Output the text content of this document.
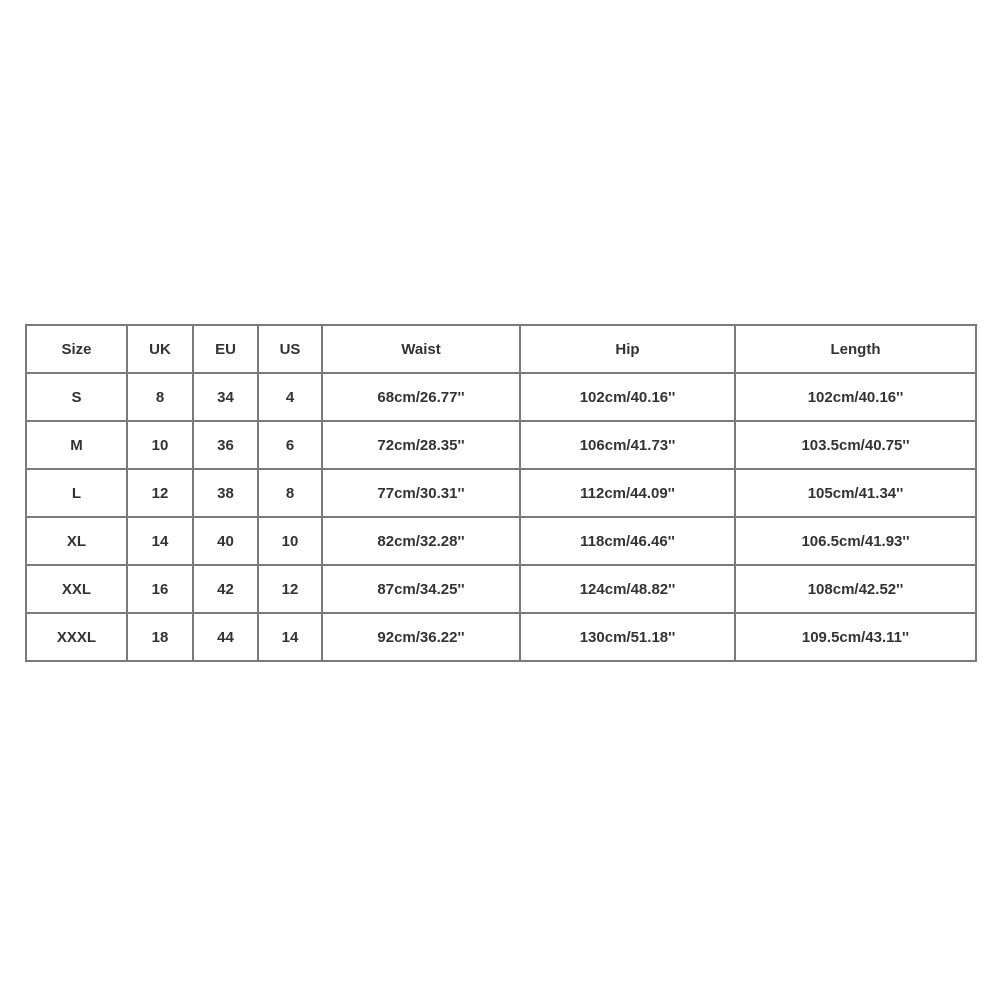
Size	UK	EU	US	Waist	Hip	Length
S	8	34	4	68cm/26.77''	102cm/40.16''	102cm/40.16''
M	10	36	6	72cm/28.35''	106cm/41.73''	103.5cm/40.75''
L	12	38	8	77cm/30.31''	112cm/44.09''	105cm/41.34''
XL	14	40	10	82cm/32.28''	118cm/46.46''	106.5cm/41.93''
XXL	16	42	12	87cm/34.25''	124cm/48.82''	108cm/42.52''
XXXL	18	44	14	92cm/36.22''	130cm/51.18''	109.5cm/43.11''
